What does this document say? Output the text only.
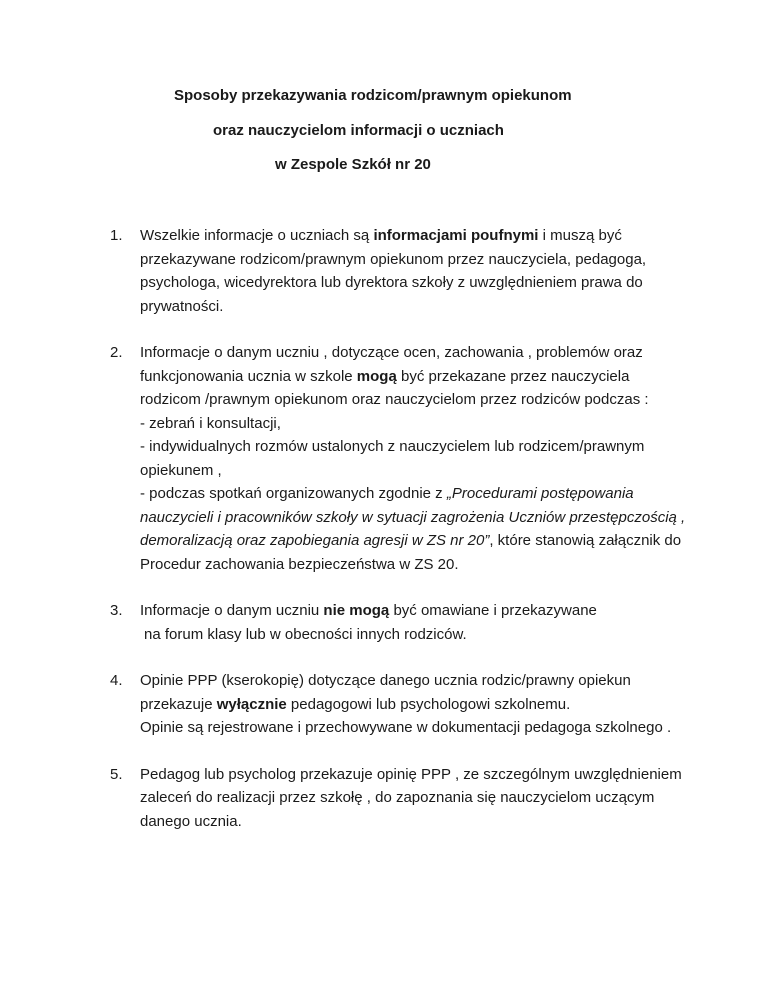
Sposoby przekazywania rodzicom/prawnym opiekunom
oraz nauczycielom informacji o uczniach
w Zespole Szkół nr 20
1. Wszelkie informacje o uczniach są informacjami poufnymi i muszą być przekazywane rodzicom/prawnym opiekunom przez nauczyciela, pedagoga, psychologa, wicedyrektora lub dyrektora szkoły z uwzględnieniem prawa do prywatności.

2. Informacje o danym uczniu , dotyczące ocen, zachowania , problemów oraz funkcjonowania ucznia w szkole mogą być przekazane przez nauczyciela rodzicom /prawnym opiekunom oraz nauczycielom przez rodziców podczas :

- zebrań i konsultacji,

- indywidualnych rozmów ustalonych z nauczycielem lub rodzicem/prawnym opiekunem ,

- podczas spotkań organizowanych zgodnie z „Procedurami postępowania nauczycieli i pracowników szkoły w sytuacji zagrożenia Uczniów przestępczością , demoralizacją oraz zapobiegania agresji w ZS nr 20”, które stanowią załącznik do Procedur zachowania bezpieczeństwa w ZS 20.

3. Informacje o danym uczniu nie mogą być omawiane i przekazywane

na forum klasy lub w obecności innych rodziców.

4. Opinie PPP (kserokopię) dotyczące danego ucznia rodzic/prawny opiekun przekazuje wyłącznie pedagogowi lub psychologowi szkolnemu.

Opinie są rejestrowane i przechowywane w dokumentacji pedagoga szkolnego .

5. Pedagog lub psycholog przekazuje opinię PPP , ze szczególnym uwzględnieniem zaleceń do realizacji przez szkołę , do zapoznania się nauczycielom uczącym danego ucznia.
